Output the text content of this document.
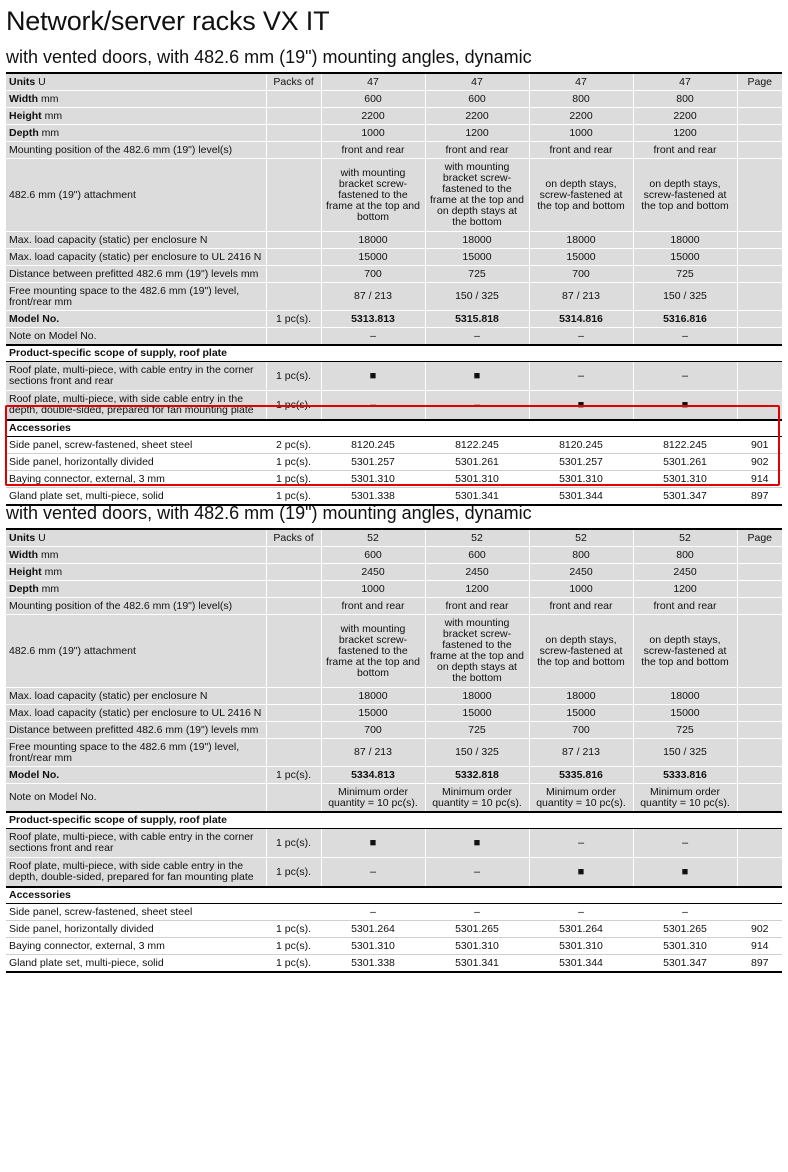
Network/server racks VX IT
with vented doors, with 482.6 mm (19") mounting angles, dynamic
Units U	Packs of	47	47	47	47	Page
Width mm		600	600	800	800	
Height mm		2200	2200	2200	2200	
Depth mm		1000	1200	1000	1200	
Mounting position of the 482.6 mm (19") level(s)		front and rear	front and rear	front and rear	front and rear	
482.6 mm (19") attachment		with mounting bracket screw-fastened to the frame at the top and bottom	with mounting bracket screw-fastened to the frame at the top and on depth stays at the bottom	on depth stays, screw-fastened at the top and bottom	on depth stays, screw-fastened at the top and bottom	
Max. load capacity (static) per enclosure N		18000	18000	18000	18000	
Max. load capacity (static) per enclosure to UL 2416 N		15000	15000	15000	15000	
Distance between prefitted 482.6 mm (19") levels mm		700	725	700	725	
Free mounting space to the 482.6 mm (19") level, front/rear mm		87 / 213	150 / 325	87 / 213	150 / 325	
Model No.	1 pc(s).	5313.813	5315.818	5314.816	5316.816	
Note on Model No.		–	–	–	–	
Product-specific scope of supply, roof plate						
Roof plate, multi-piece, with cable entry in the corner sections front and rear	1 pc(s).	■	■	–	–	
Roof plate, multi-piece, with side cable entry in the depth, double-sided, prepared for fan mounting plate	1 pc(s).	–	–	■	■	
Accessories						
Side panel, screw-fastened, sheet steel	2 pc(s).	8120.245	8122.245	8120.245	8122.245	901
Side panel, horizontally divided	1 pc(s).	5301.257	5301.261	5301.257	5301.261	902
Baying connector, external, 3 mm	1 pc(s).	5301.310	5301.310	5301.310	5301.310	914
Gland plate set, multi-piece, solid	1 pc(s).	5301.338	5301.341	5301.344	5301.347	897
with vented doors, with 482.6 mm (19") mounting angles, dynamic
Units U	Packs of	52	52	52	52	Page
Width mm		600	600	800	800	
Height mm		2450	2450	2450	2450	
Depth mm		1000	1200	1000	1200	
Mounting position of the 482.6 mm (19") level(s)		front and rear	front and rear	front and rear	front and rear	
482.6 mm (19") attachment		with mounting bracket screw-fastened to the frame at the top and bottom	with mounting bracket screw-fastened to the frame at the top and on depth stays at the bottom	on depth stays, screw-fastened at the top and bottom	on depth stays, screw-fastened at the top and bottom	
Max. load capacity (static) per enclosure N		18000	18000	18000	18000	
Max. load capacity (static) per enclosure to UL 2416 N		15000	15000	15000	15000	
Distance between prefitted 482.6 mm (19") levels mm		700	725	700	725	
Free mounting space to the 482.6 mm (19") level, front/rear mm		87 / 213	150 / 325	87 / 213	150 / 325	
Model No.	1 pc(s).	5334.813	5332.818	5335.816	5333.816	
Note on Model No.		Minimum order quantity = 10 pc(s).	Minimum order quantity = 10 pc(s).	Minimum order quantity = 10 pc(s).	Minimum order quantity = 10 pc(s).	
Product-specific scope of supply, roof plate						
Roof plate, multi-piece, with cable entry in the corner sections front and rear	1 pc(s).	■	■	–	–	
Roof plate, multi-piece, with side cable entry in the depth, double-sided, prepared for fan mounting plate	1 pc(s).	–	–	■	■	
Accessories						
Side panel, screw-fastened, sheet steel		–	–	–	–	
Side panel, horizontally divided	1 pc(s).	5301.264	5301.265	5301.264	5301.265	902
Baying connector, external, 3 mm	1 pc(s).	5301.310	5301.310	5301.310	5301.310	914
Gland plate set, multi-piece, solid	1 pc(s).	5301.338	5301.341	5301.344	5301.347	897
